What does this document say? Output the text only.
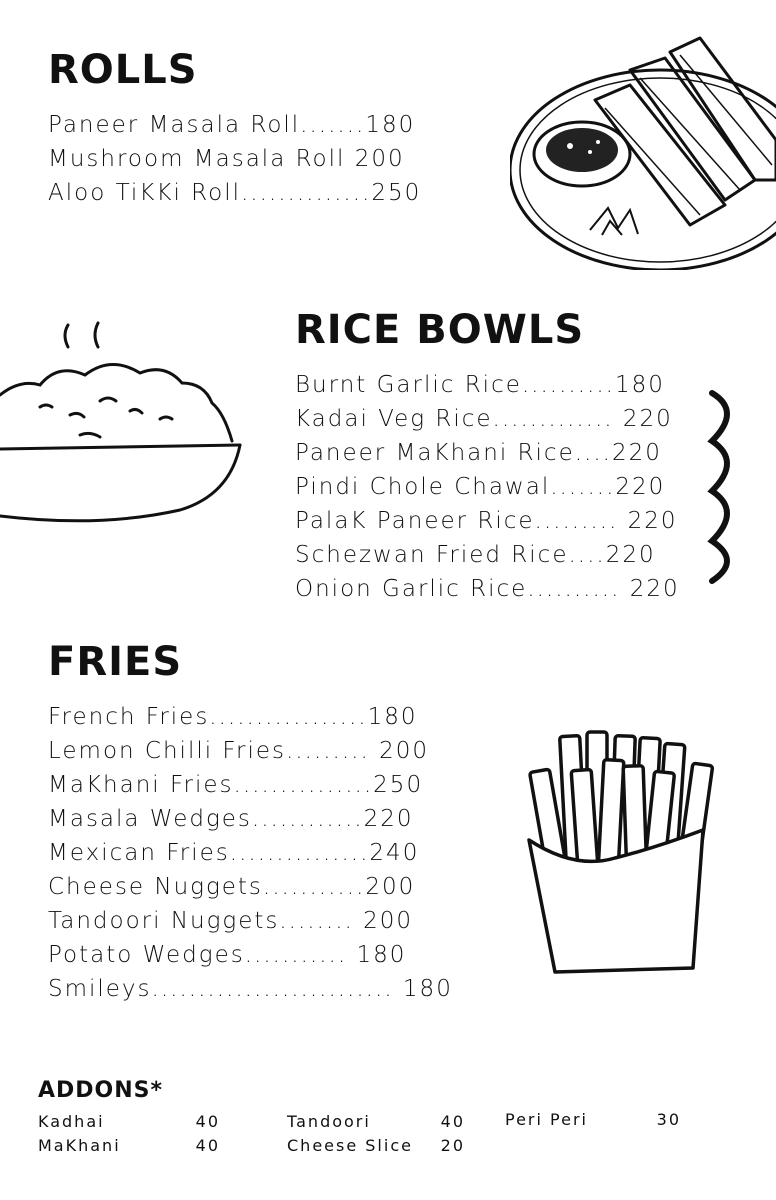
ROLLS
Paneer Masala Roll.......180
Mushroom Masala Roll 200
Aloo TiKKi Roll..............250
RICE BOWLS
Burnt Garlic Rice..........180
Kadai Veg Rice............. 220
Paneer MaKhani Rice....220
Pindi Chole Chawal.......220
PalaK Paneer Rice......... 220
Schezwan Fried Rice....220
Onion Garlic Rice.......... 220
FRIES
French Fries.................180
Lemon Chilli Fries......... 200
MaKhani Fries...............250
Masala Wedges............220
Mexican Fries...............240
Cheese Nuggets...........200
Tandoori Nuggets........ 200
Potato Wedges........... 180
Smileys.......................... 180
ADDONS*
Kadhai	40
MaKhani	40
Tandoori	40
Cheese Slice 20
Peri Peri	30
